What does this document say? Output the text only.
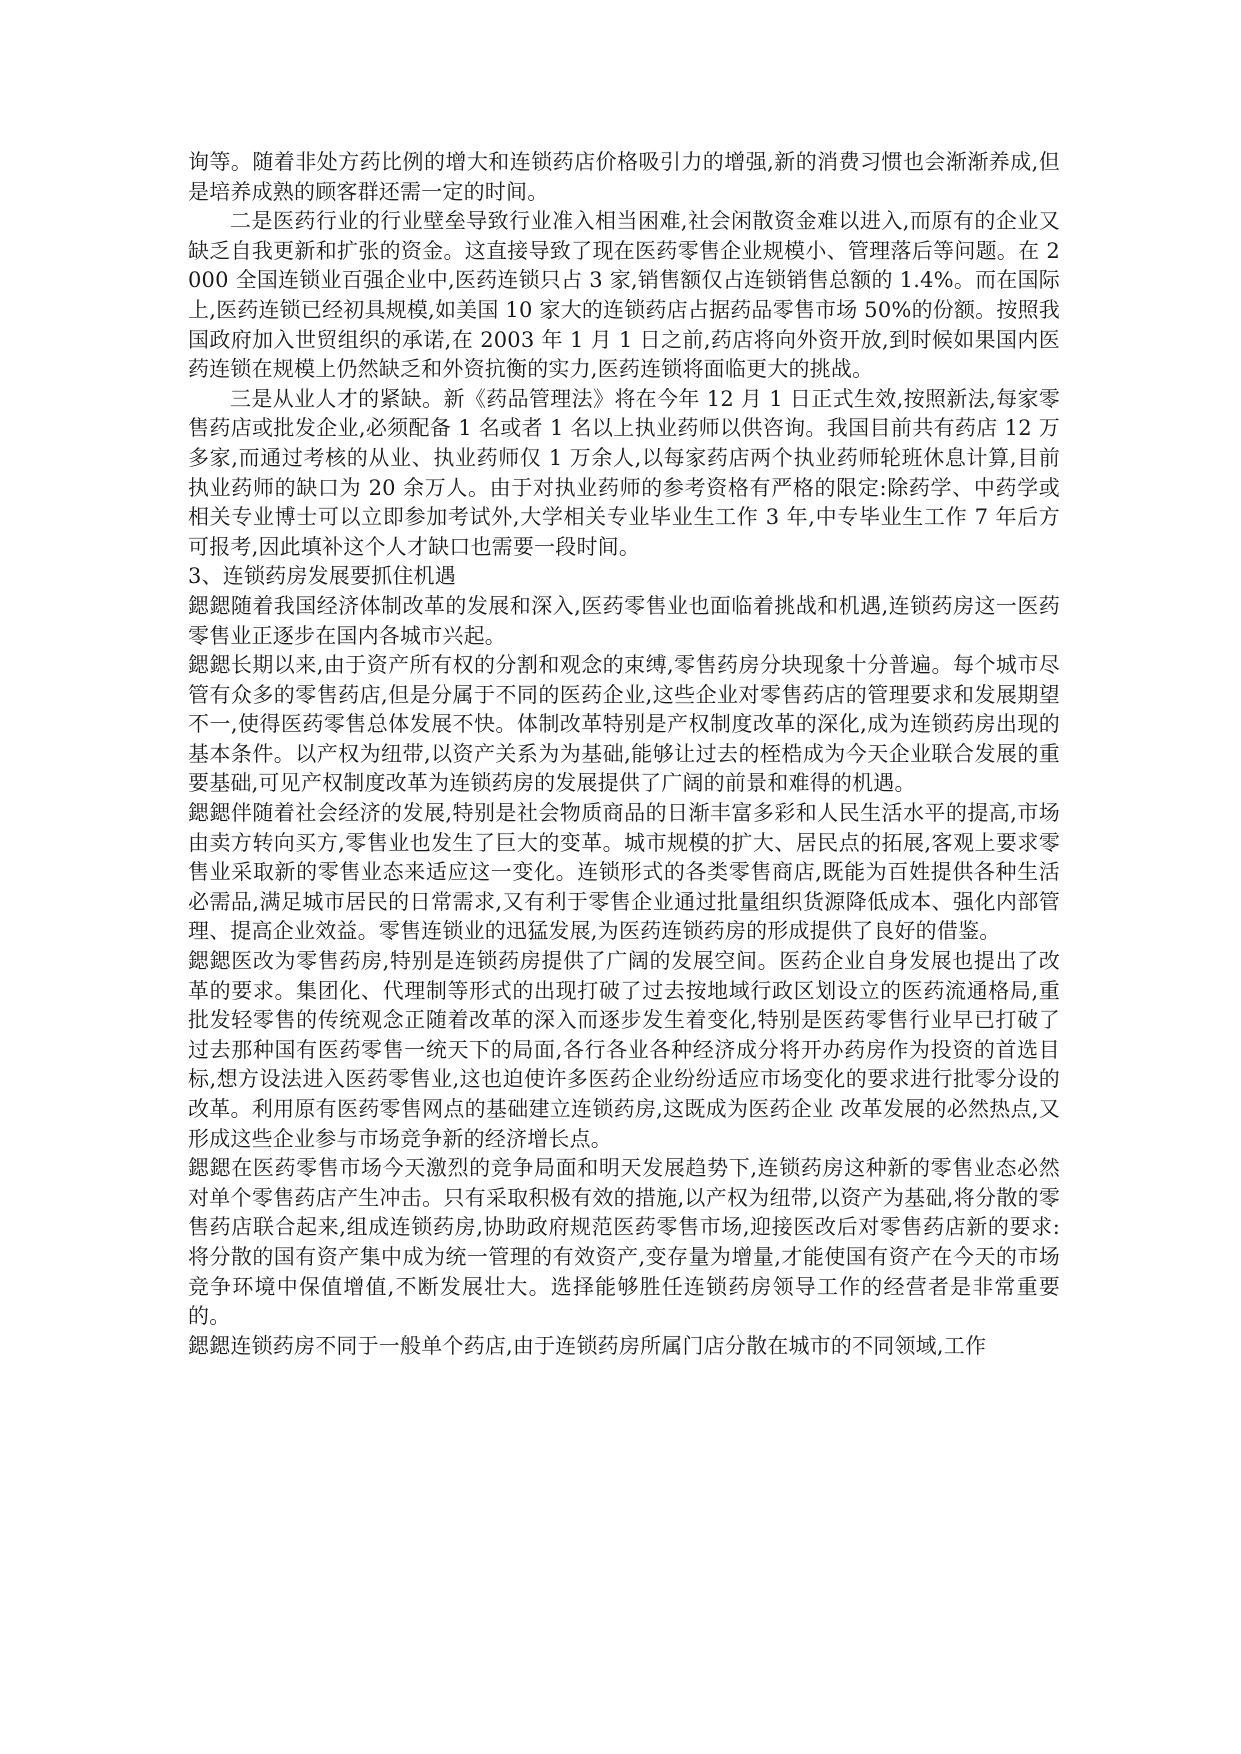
询等。随着非处方药比例的增大和连锁药店价格吸引力的增强,新的消费习惯也会渐渐养成,但是培养成熟的顾客群还需一定的时间。

二是医药行业的行业壁垒导致行业准入相当困难,社会闲散资金难以进入,而原有的企业又缺乏自我更新和扩张的资金。这直接导致了现在医药零售企业规模小、管理落后等问题。在 2000 全国连锁业百强企业中,医药连锁只占 3 家,销售额仅占连锁销售总额的 1.4%。而在国际上,医药连锁已经初具规模,如美国 10 家大的连锁药店占据药品零售市场 50%的份额。按照我国政府加入世贸组织的承诺,在 2003 年 1 月 1 日之前,药店将向外资开放,到时候如果国内医药连锁在规模上仍然缺乏和外资抗衡的实力,医药连锁将面临更大的挑战。

三是从业人才的紧缺。新《药品管理法》将在今年 12 月 1 日正式生效,按照新法,每家零售药店或批发企业,必须配备 1 名或者 1 名以上执业药师以供咨询。我国目前共有药店 12 万多家,而通过考核的从业、执业药师仅 1 万余人,以每家药店两个执业药师轮班休息计算,目前执业药师的缺口为 20 余万人。由于对执业药师的参考资格有严格的限定:除药学、中药学或相关专业博士可以立即参加考试外,大学相关专业毕业生工作 3 年,中专毕业生工作 7 年后方可报考,因此填补这个人才缺口也需要一段时间。

3、连锁药房发展要抓住机遇

鍶鍶随着我国经济体制改革的发展和深入,医药零售业也面临着挑战和机遇,连锁药房这一医药零售业正逐步在国内各城市兴起。

鍶鍶长期以来,由于资产所有权的分割和观念的束缚,零售药房分块现象十分普遍。每个城市尽管有众多的零售药店,但是分属于不同的医药企业,这些企业对零售药店的管理要求和发展期望不一,使得医药零售总体发展不快。体制改革特别是产权制度改革的深化,成为连锁药房出现的基本条件。以产权为纽带,以资产关系为为基础,能够让过去的桎梏成为今天企业联合发展的重要基础,可见产权制度改革为连锁药房的发展提供了广阔的前景和难得的机遇。

鍶鍶伴随着社会经济的发展,特别是社会物质商品的日渐丰富多彩和人民生活水平的提高,市场由卖方转向买方,零售业也发生了巨大的变革。城市规模的扩大、居民点的拓展,客观上要求零售业采取新的零售业态来适应这一变化。连锁形式的各类零售商店,既能为百姓提供各种生活必需品,满足城市居民的日常需求,又有利于零售企业通过批量组织货源降低成本、强化内部管理、提高企业效益。零售连锁业的迅猛发展,为医药连锁药房的形成提供了良好的借鉴。

鍶鍶医改为零售药房,特别是连锁药房提供了广阔的发展空间。医药企业自身发展也提出了改革的要求。集团化、代理制等形式的出现打破了过去按地域行政区划设立的医药流通格局,重批发轻零售的传统观念正随着改革的深入而逐步发生着变化,特别是医药零售行业早已打破了过去那种国有医药零售一统天下的局面,各行各业各种经济成分将开办药房作为投资的首选目标,想方设法进入医药零售业,这也迫使许多医药企业纷纷适应市场变化的要求进行批零分设的改革。利用原有医药零售网点的基础建立连锁药房,这既成为医药企业 改革发展的必然热点,又形成这些企业参与市场竞争新的经济增长点。

鍶鍶在医药零售市场今天激烈的竞争局面和明天发展趋势下,连锁药房这种新的零售业态必然对单个零售药店产生冲击。只有采取积极有效的措施,以产权为纽带,以资产为基础,将分散的零售药店联合起来,组成连锁药房,协助政府规范医药零售市场,迎接医改后对零售药店新的要求:将分散的国有资产集中成为统一管理的有效资产,变存量为增量,才能使国有资产在今天的市场竞争环境中保值增值,不断发展壮大。选择能够胜任连锁药房领导工作的经营者是非常重要的。

鍶鍶连锁药房不同于一般单个药店,由于连锁药房所属门店分散在城市的不同领域,工作
